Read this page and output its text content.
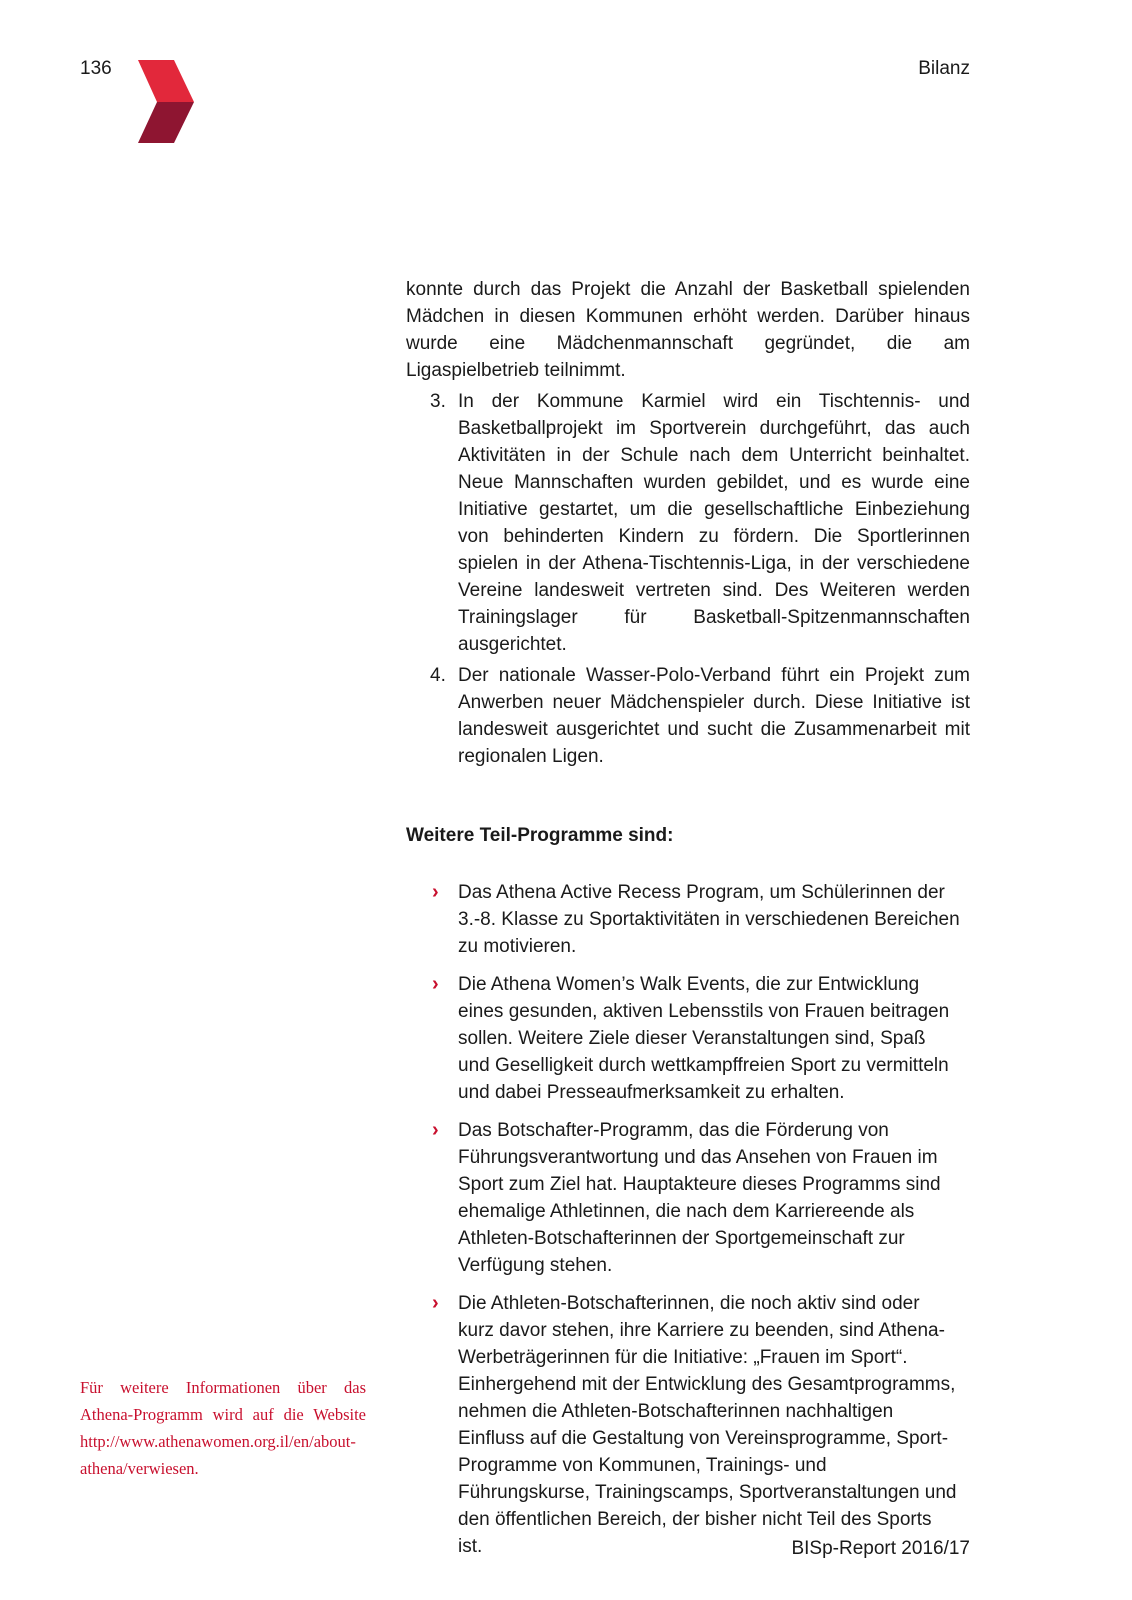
136	Bilanz

konnte durch das Projekt die Anzahl der Basketball spielenden Mädchen in diesen Kommunen erhöht werden. Darüber hinaus wurde eine Mädchenmannschaft gegründet, die am Ligaspielbetrieb teilnimmt.

3. In der Kommune Karmiel wird ein Tischtennis- und Basketballprojekt im Sportverein durchgeführt, das auch Aktivitäten in der Schule nach dem Unterricht beinhaltet. Neue Mannschaften wurden gebildet, und es wurde eine Initiative gestartet, um die gesellschaftliche Einbeziehung von behinderten Kindern zu fördern. Die Sportlerinnen spielen in der Athena-Tischtennis-Liga, in der verschiedene Vereine landesweit vertreten sind. Des Weiteren werden Trainingslager für Basketball-Spitzenmannschaften ausgerichtet.
4. Der nationale Wasser-Polo-Verband führt ein Projekt zum Anwerben neuer Mädchenspieler durch. Diese Initiative ist landesweit ausgerichtet und sucht die Zusammenarbeit mit regionalen Ligen.
Weitere Teil-Programme sind:
› Das Athena Active Recess Program, um Schülerinnen der 3.-8. Klasse zu Sportaktivitäten in verschiedenen Bereichen zu motivieren.
› Die Athena Women’s Walk Events, die zur Entwicklung eines gesunden, aktiven Lebensstils von Frauen beitragen sollen. Weitere Ziele dieser Veranstaltungen sind, Spaß und Geselligkeit durch wettkampffreien Sport zu vermitteln und dabei Presseaufmerksamkeit zu erhalten.
› Das Botschafter-Programm, das die Förderung von Führungsverantwortung und das Ansehen von Frauen im Sport zum Ziel hat. Hauptakteure dieses Programms sind ehemalige Athletinnen, die nach dem Karriereende als Athleten-Botschafterinnen der Sportgemeinschaft zur Verfügung stehen.
› Die Athleten-Botschafterinnen, die noch aktiv sind oder kurz davor stehen, ihre Karriere zu beenden, sind Athena-Werbeträgerinnen für die Initiative: „Frauen im Sport“. Einhergehend mit der Entwicklung des Gesamtprogramms, nehmen die Athleten-Botschafterinnen nachhaltigen Einfluss auf die Gestaltung von Vereinsprogramme, Sport-Programme von Kommunen, Trainings- und Führungskurse, Trainingscamps, Sportveranstaltungen und den öffentlichen Bereich, der bisher nicht Teil des Sports ist.
Für weitere Informationen über das Athena-Programm wird auf die Website http://www.athenawomen.org.il/en/about-athena/verwiesen.
BISp-Report 2016/17
